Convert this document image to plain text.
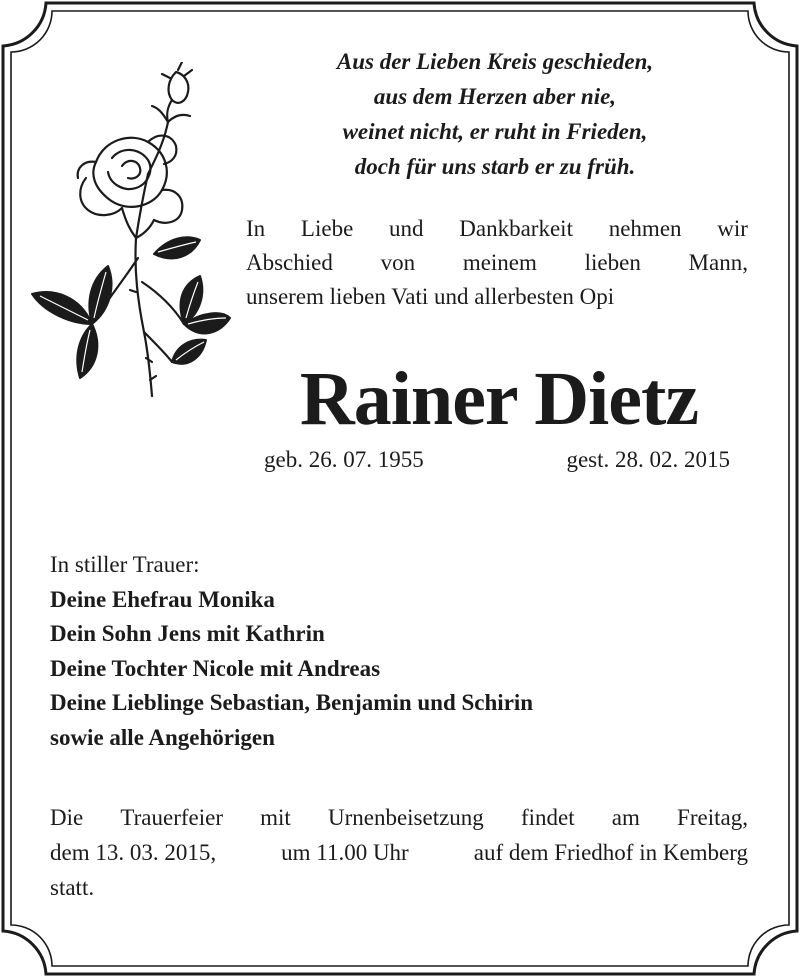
Aus der Lieben Kreis geschieden,
aus dem Herzen aber nie,
weinet nicht, er ruht in Frieden,
doch für uns starb er zu früh.
In Liebe und Dankbarkeit nehmen wir
Abschied von meinem lieben Mann,
unserem lieben Vati und allerbesten Opi
Rainer Dietz
geb. 26. 07. 1955	gest. 28. 02. 2015
In stiller Trauer:
Deine Ehefrau Monika
Dein Sohn Jens mit Kathrin
Deine Tochter Nicole mit Andreas
Deine Lieblinge Sebastian, Benjamin und Schirin
sowie alle Angehörigen
Die Trauerfeier mit Urnenbeisetzung findet am Freitag,
dem 13. 03. 2015,	um 11.00 Uhr	auf dem Friedhof in Kemberg
statt.
